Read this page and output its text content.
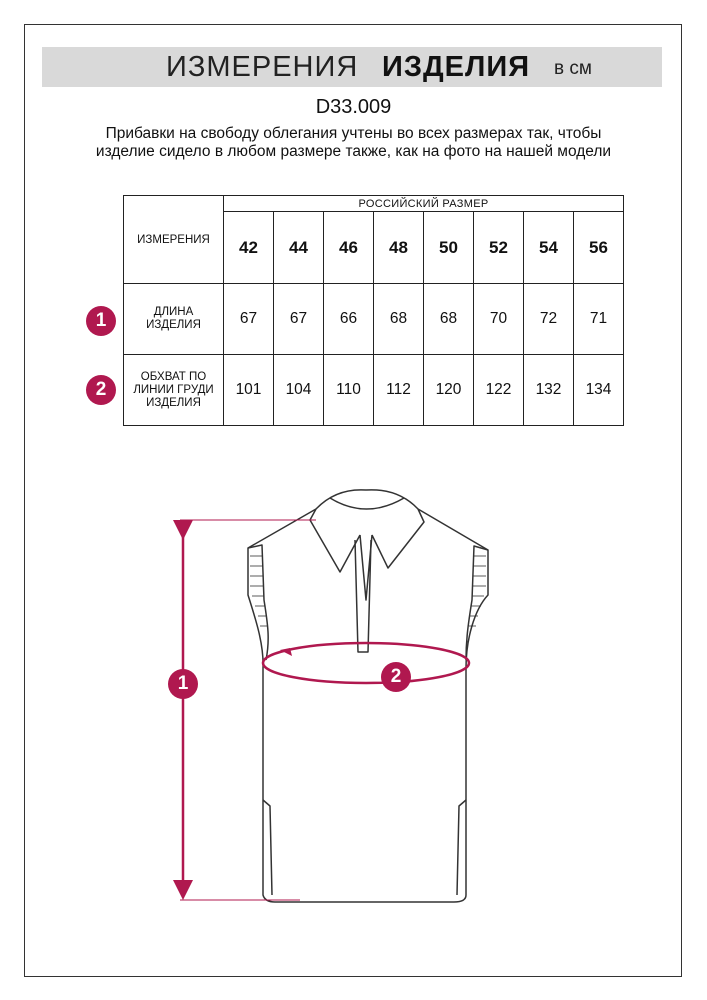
ИЗМЕРЕНИЯ ИЗДЕЛИЯ в см
D33.009
Прибавки на свободу облегания учтены во всех размерах так, чтобы изделие сидело в любом размере также, как на фото на нашей модели
ИЗМЕРЕНИЯ	РОССИЙСКИЙ РАЗМЕР							
	42	44	46	48	50	52	54	56
ДЛИНА ИЗДЕЛИЯ	67	67	66	68	68	70	72	71
ОБХВАТ ПО ЛИНИИ ГРУДИ ИЗДЕЛИЯ	101	104	110	112	120	122	132	134
1
2
1	2
